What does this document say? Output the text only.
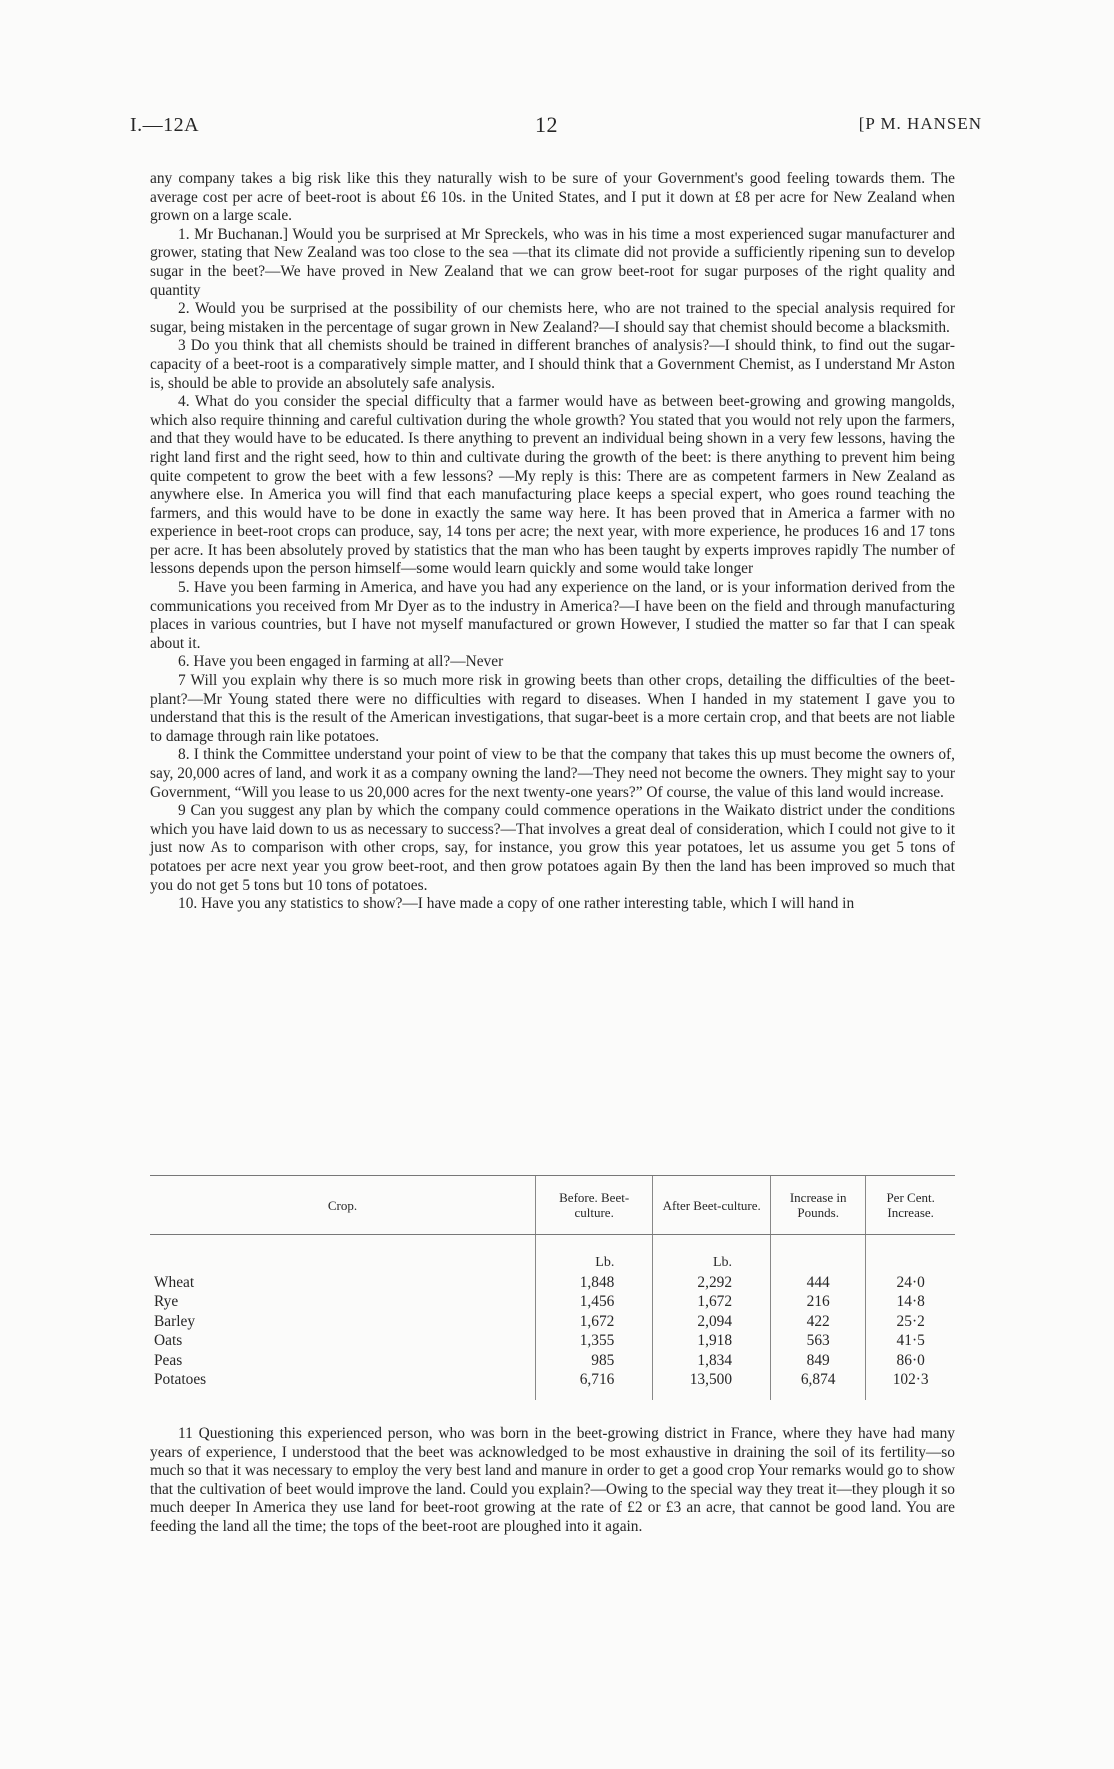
I.—12A	12	[P M. HANSEN

any company takes a big risk like this they naturally wish to be sure of your Government's good feeling towards them. The average cost per acre of beet-root is about £6 10s. in the United States, and I put it down at £8 per acre for New Zealand when grown on a large scale.

1. Mr Buchanan.] Would you be surprised at Mr Spreckels, who was in his time a most experienced sugar manufacturer and grower, stating that New Zealand was too close to the sea —that its climate did not provide a sufficiently ripening sun to develop sugar in the beet?—We have proved in New Zealand that we can grow beet-root for sugar purposes of the right quality and quantity

2. Would you be surprised at the possibility of our chemists here, who are not trained to the special analysis required for sugar, being mistaken in the percentage of sugar grown in New Zealand?—I should say that chemist should become a blacksmith.

3 Do you think that all chemists should be trained in different branches of analysis?—I should think, to find out the sugar-capacity of a beet-root is a comparatively simple matter, and I should think that a Government Chemist, as I understand Mr Aston is, should be able to provide an absolutely safe analysis.

4. What do you consider the special difficulty that a farmer would have as between beet-growing and growing mangolds, which also require thinning and careful cultivation during the whole growth? You stated that you would not rely upon the farmers, and that they would have to be educated. Is there anything to prevent an individual being shown in a very few lessons, having the right land first and the right seed, how to thin and cultivate during the growth of the beet: is there anything to prevent him being quite competent to grow the beet with a few lessons? —My reply is this: There are as competent farmers in New Zealand as anywhere else. In America you will find that each manufacturing place keeps a special expert, who goes round teaching the farmers, and this would have to be done in exactly the same way here. It has been proved that in America a farmer with no experience in beet-root crops can produce, say, 14 tons per acre; the next year, with more experience, he produces 16 and 17 tons per acre. It has been absolutely proved by statistics that the man who has been taught by experts improves rapidly The number of lessons depends upon the person himself—some would learn quickly and some would take longer

5. Have you been farming in America, and have you had any experience on the land, or is your information derived from the communications you received from Mr Dyer as to the industry in America?—I have been on the field and through manufacturing places in various countries, but I have not myself manufactured or grown However, I studied the matter so far that I can speak about it.

6. Have you been engaged in farming at all?—Never

7 Will you explain why there is so much more risk in growing beets than other crops, detailing the difficulties of the beet-plant?—Mr Young stated there were no difficulties with regard to diseases. When I handed in my statement I gave you to understand that this is the result of the American investigations, that sugar-beet is a more certain crop, and that beets are not liable to damage through rain like potatoes.

8. I think the Committee understand your point of view to be that the company that takes this up must become the owners of, say, 20,000 acres of land, and work it as a company owning the land?—They need not become the owners. They might say to your Government, “Will you lease to us 20,000 acres for the next twenty-one years?” Of course, the value of this land would increase.

9 Can you suggest any plan by which the company could commence operations in the Waikato district under the conditions which you have laid down to us as necessary to success?—That involves a great deal of consideration, which I could not give to it just now As to comparison with other crops, say, for instance, you grow this year potatoes, let us assume you get 5 tons of potatoes per acre next year you grow beet-root, and then grow potatoes again By then the land has been improved so much that you do not get 5 tons but 10 tons of potatoes.

10. Have you any statistics to show?—I have made a copy of one rather interesting table, which I will hand in

Crop.	Before. Beet-culture.	After Beet-culture.	Increase in Pounds.	Per Cent. Increase.

	Lb.	Lb.		
Wheat	1,848	2,292	444	24·0
Rye	1,456	1,672	216	14·8
Barley	1,672	2,094	422	25·2
Oats	1,355	1,918	563	41·5
Peas	985	1,834	849	86·0
Potatoes	6,716	13,500	6,874	102·3

11 Questioning this experienced person, who was born in the beet-growing district in France, where they have had many years of experience, I understood that the beet was acknowledged to be most exhaustive in draining the soil of its fertility—so much so that it was necessary to employ the very best land and manure in order to get a good crop Your remarks would go to show that the cultivation of beet would improve the land. Could you explain?—Owing to the special way they treat it—they plough it so much deeper In America they use land for beet-root growing at the rate of £2 or £3 an acre, that cannot be good land. You are feeding the land all the time; the tops of the beet-root are ploughed into it again.
